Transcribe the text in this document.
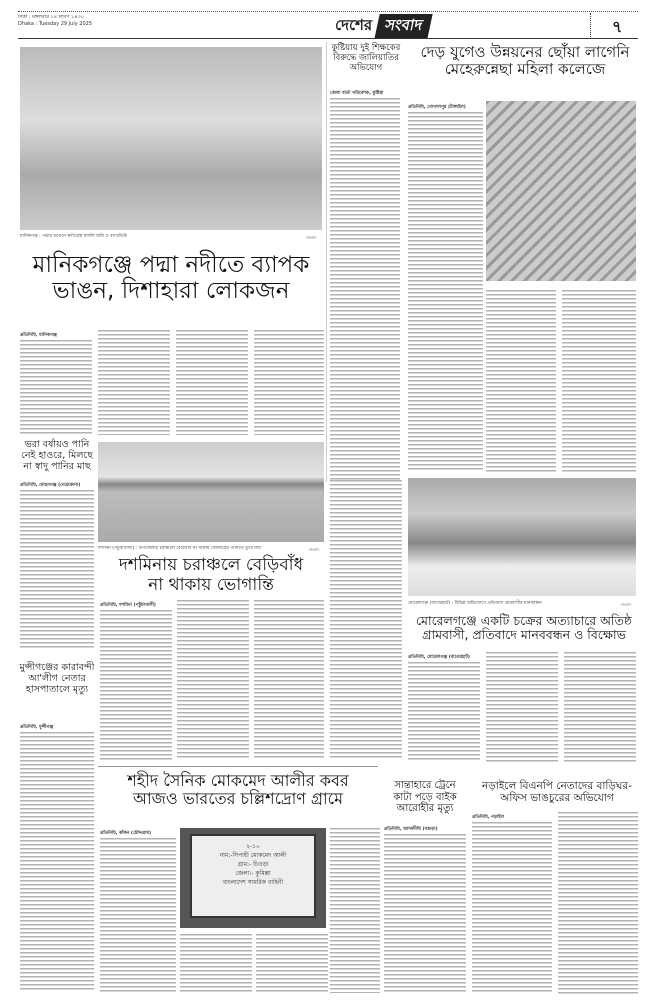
ঢাকা : মঙ্গলবার ১৪ শ্রাবণ ১৪৩০
Dhaka : Tuesday 29 July 2025	দেশের সংবাদ	৭
মানিকগঞ্জ : পদ্মার ভাঙনে ক্ষতিগ্রস্ত ফসলি জমি ও বসতভিটা	-সংবাদ
মানিকগঞ্জে পদ্মা নদীতে ব্যাপক
ভাঙন, দিশাহারা লোকজন
প্রতিনিধি, মানিকগঞ্জ
কুষ্টিয়ায় দুই শিক্ষকের
বিরুদ্ধে জালিয়াতির
অভিযোগ
জেলা বার্তা পরিবেশক, কুষ্টিয়া
দেড় যুগেও উন্নয়নের ছোঁয়া লাগেনি
মেহেরুন্নেছা মহিলা কলেজে
প্রতিনিধি, গোপালপুর (টাঙ্গাইল)
ভরা বর্ষায়ও পানি
নেই হাওরে, মিলছে
না স্বাদু পানির মাছ
প্রতিনিধি, মোহনগঞ্জ (নেত্রকোনা)
দশমিনা (পটুয়াখালী) : উপজেলার চরাঞ্চলে বেড়িবাঁধ না থাকায় জোয়ারের পানিতে ডুবে যায়	-সংবাদ
দশমিনায় চরাঞ্চলে বেড়িবাঁধ
না থাকায় ভোগান্তি
প্রতিনিধি, দশমিনা (পটুয়াখালী)
মুন্সীগঞ্জের কারাবন্দী
আ'লীগ নেতার
হাসপাতালে মৃত্যু
প্রতিনিধি, মুন্সীগঞ্জ
মোরেলগঞ্জ (বাগেরহাট) : বিভিন্ন অভিযোগে প্রতিবাদে গ্রামবাসীর মানববন্ধন	-সংবাদ
মোরেলগঞ্জে একটি চক্রের অত্যাচারে অতিষ্ঠ
গ্রামবাসী, প্রতিবাদে মানববন্ধন ও বিক্ষোভ
প্রতিনিধি, মোরেলগঞ্জ (বাগেরহাট)
শহীদ সৈনিক মোকমেদ আলীর কবর
আজও ভারতের চল্লিশদ্রোণ গ্রামে
প্রতিনিধি, কাঁকন (চৌদ্দগ্রাম)
২-১০
নাম:-সিপাহী মোকমেদ আলী
গ্রাম:- চিওড়া
জেলা:- কুমিল্লা
বাংলাদেশ সামরিক বাহিনী
সান্তাহারে ট্রেনে
কাটা পড়ে বাইক
আরোহীর মৃত্যু
প্রতিনিধি, আদমদীঘি (বগুড়া)
নড়াইলে বিএনপি নেতাদের বাড়িঘর-
অফিস ভাঙচুরের অভিযোগ
প্রতিনিধি, নড়াইল
